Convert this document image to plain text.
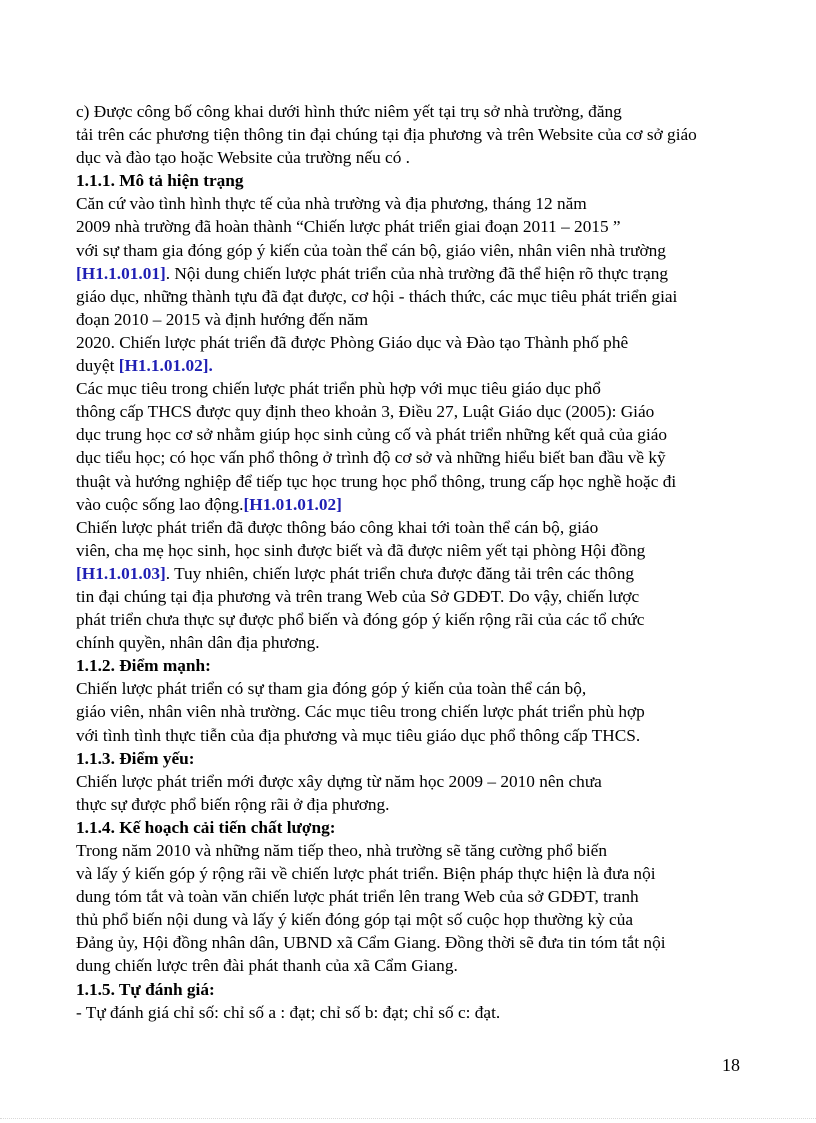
c) Được công bố công khai dưới hình thức niêm yết tại trụ sở nhà trường, đăng
tải trên các phương tiện thông tin đại chúng tại địa phương và trên Website của cơ sở giáo
dục và đào tạo hoặc Website của trường nếu có .
1.1.1. Mô tả hiện trạng
Căn cứ vào tình hình thực tế của nhà trường và địa phương, tháng 12 năm
2009 nhà trường đã hoàn thành “Chiến lược phát triển giai đoạn 2011 – 2015 ”
với sự tham gia đóng góp ý kiến của toàn thể cán bộ, giáo viên, nhân viên nhà trường
[H1.1.01.01]. Nội dung chiến lược phát triển của nhà trường đã thể hiện rõ thực trạng
giáo dục, những thành tựu đã đạt được, cơ hội - thách thức, các mục tiêu phát triển giai
đoạn 2010 – 2015 và định hướng đến năm
2020. Chiến lược phát triển đã được Phòng Giáo dục và Đào tạo Thành phố phê
duyệt [H1.1.01.02].
Các mục tiêu trong chiến lược phát triển phù hợp với mục tiêu giáo dục phổ
thông cấp THCS được quy định theo khoản 3, Điều 27, Luật Giáo dục (2005): Giáo
dục trung học cơ sở nhằm giúp học sinh củng cố và phát triển những kết quả của giáo
dục tiểu học; có học vấn phổ thông ở trình độ cơ sở và những hiểu biết ban đầu về kỹ
thuật và hướng nghiệp để tiếp tục học trung học phổ thông, trung cấp học nghề hoặc đi
vào cuộc sống lao động.[H1.01.01.02]
Chiến lược phát triển đã được thông báo công khai tới toàn thể cán bộ, giáo
viên, cha mẹ học sinh, học sinh được biết và đã được niêm yết tại phòng Hội đồng
[H1.1.01.03]. Tuy nhiên, chiến lược phát triển chưa được đăng tải trên các thông
tin đại chúng tại địa phương và trên trang Web của Sở GDĐT. Do vậy, chiến lược
phát triển chưa thực sự được phổ biến và đóng góp ý kiến rộng rãi của các tổ chức
chính quyền, nhân dân địa phương.
1.1.2. Điểm mạnh:
Chiến lược phát triển có sự tham gia đóng góp ý kiến của toàn thể cán bộ,
giáo viên, nhân viên nhà trường. Các mục tiêu trong chiến lược phát triển phù hợp
với tình tình thực tiễn của địa phương và mục tiêu giáo dục phổ thông cấp THCS.
1.1.3. Điểm yếu:
Chiến lược phát triển mới được xây dựng từ năm học 2009 – 2010 nên chưa
thực sự được phổ biến rộng rãi ở địa phương.
1.1.4. Kế hoạch cải tiến chất lượng:
Trong năm 2010 và những năm tiếp theo, nhà trường sẽ tăng cường phổ biến
và lấy ý kiến góp ý rộng rãi về chiến lược phát triển. Biện pháp thực hiện là đưa nội
dung tóm tắt và toàn văn chiến lược phát triển lên trang Web của sở GDĐT, tranh
thủ phổ biến nội dung và lấy ý kiến đóng góp tại một số cuộc họp thường kỳ của
Đảng ủy, Hội đồng nhân dân, UBND xã Cẩm Giang. Đồng thời sẽ đưa tin tóm tắt nội
dung chiến lược trên đài phát thanh của xã Cẩm Giang.
1.1.5. Tự đánh giá:
- Tự đánh giá chỉ số: chỉ số a : đạt; chỉ số b: đạt; chỉ số c: đạt.
18
